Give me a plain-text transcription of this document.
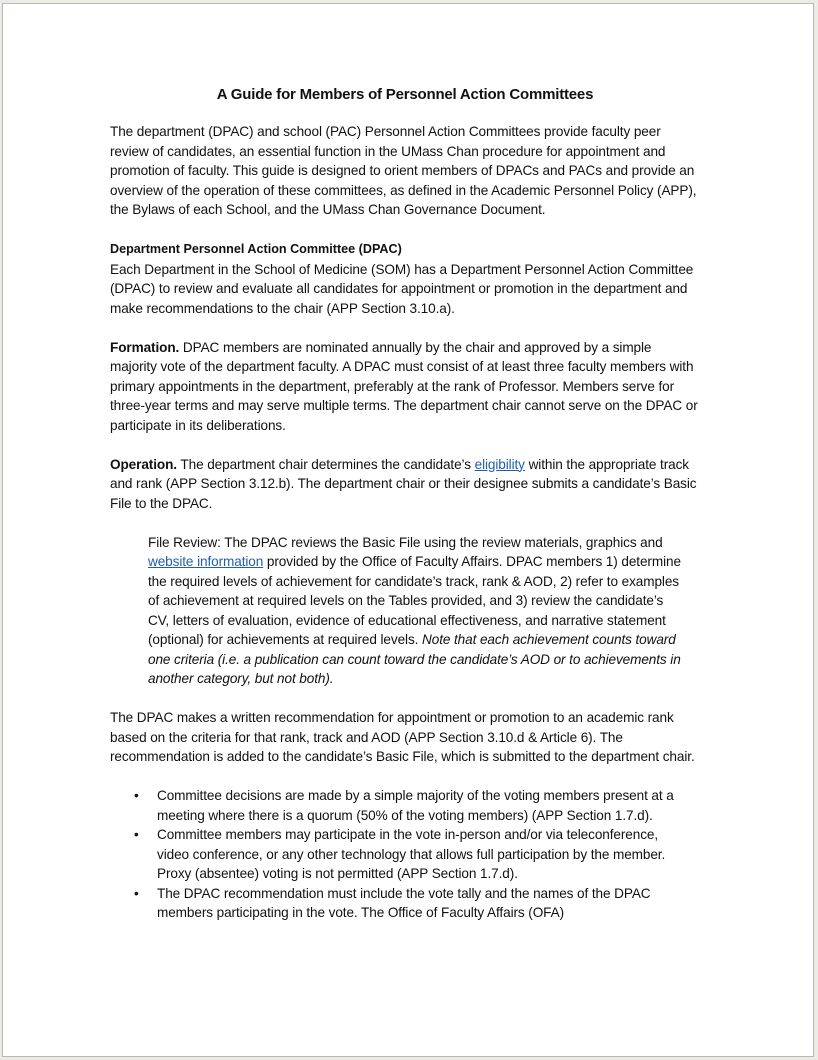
A Guide for Members of Personnel Action Committees

The department (DPAC) and school (PAC) Personnel Action Committees provide faculty peer review of candidates, an essential function in the UMass Chan procedure for appointment and promotion of faculty. This guide is designed to orient members of DPACs and PACs and provide an overview of the operation of these committees, as defined in the Academic Personnel Policy (APP), the Bylaws of each School, and the UMass Chan Governance Document.

Department Personnel Action Committee (DPAC)
Each Department in the School of Medicine (SOM) has a Department Personnel Action Committee (DPAC) to review and evaluate all candidates for appointment or promotion in the department and make recommendations to the chair (APP Section 3.10.a).

Formation. DPAC members are nominated annually by the chair and approved by a simple majority vote of the department faculty. A DPAC must consist of at least three faculty members with primary appointments in the department, preferably at the rank of Professor. Members serve for three-year terms and may serve multiple terms. The department chair cannot serve on the DPAC or participate in its deliberations.

Operation. The department chair determines the candidate’s eligibility within the appropriate track and rank (APP Section 3.12.b). The department chair or their designee submits a candidate’s Basic File to the DPAC.

File Review: The DPAC reviews the Basic File using the review materials, graphics and website information provided by the Office of Faculty Affairs. DPAC members 1) determine the required levels of achievement for candidate’s track, rank & AOD, 2) refer to examples of achievement at required levels on the Tables provided, and 3) review the candidate’s CV, letters of evaluation, evidence of educational effectiveness, and narrative statement (optional) for achievements at required levels. Note that each achievement counts toward one criteria (i.e. a publication can count toward the candidate’s AOD or to achievements in another category, but not both).

The DPAC makes a written recommendation for appointment or promotion to an academic rank based on the criteria for that rank, track and AOD (APP Section 3.10.d & Article 6). The recommendation is added to the candidate’s Basic File, which is submitted to the department chair.

• Committee decisions are made by a simple majority of the voting members present at a meeting where there is a quorum (50% of the voting members) (APP Section 1.7.d).
• Committee members may participate in the vote in-person and/or via teleconference, video conference, or any other technology that allows full participation by the member. Proxy (absentee) voting is not permitted (APP Section 1.7.d).
• The DPAC recommendation must include the vote tally and the names of the DPAC members participating in the vote. The Office of Faculty Affairs (OFA)
